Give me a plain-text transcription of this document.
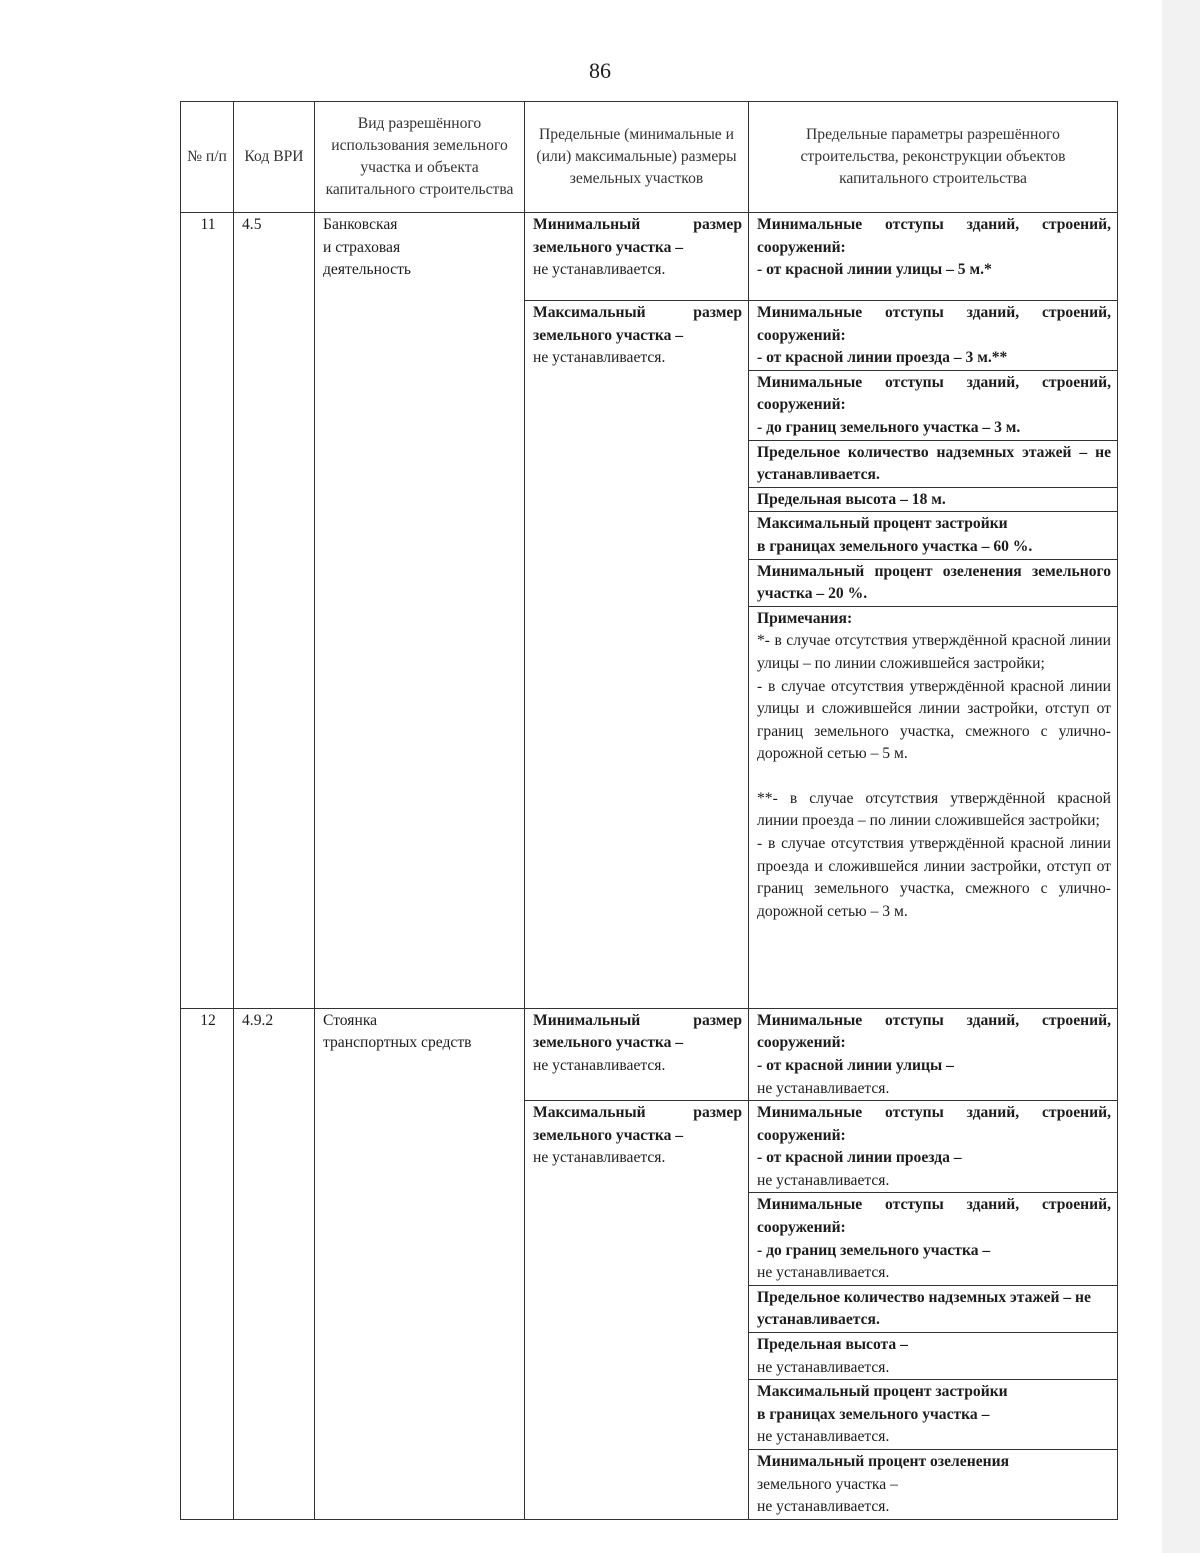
86
№ п/п	Код ВРИ	Вид разрешённого использования земельного участка и объекта капитального строительства	Предельные (минимальные и (или) максимальные) размеры земельных участков	Предельные параметры разрешённого строительства, реконструкции объектов капитального строительства
11	4.5	Банковская
и страховая
деятельность	Минимальный размер земельного участка –
не устанавливается.	Минимальные отступы зданий, строений, сооружений:
- от красной линии улицы – 5 м.*

			Максимальный размер земельного участка –
не устанавливается.	Минимальные отступы зданий, строений, сооружений:
- от красной линии проезда – 3 м.**

				Минимальные отступы зданий, строений, сооружений:
- до границ земельного участка – 3 м.

				Предельное количество надземных этажей – не устанавливается.
				Предельная высота – 18 м.

				Максимальный процент застройки
в границах земельного участка – 60 %.

				Минимальный процент озеленения земельного участка – 20 %.

				Примечания:
*- в случае отсутствия утверждённой красной линии улицы – по линии сложившейся застройки;
- в случае отсутствия утверждённой красной линии улицы и сложившейся линии застройки, отступ от границ земельного участка, смежного с улично-дорожной сетью – 5 м.
**- в случае отсутствия утверждённой красной линии проезда – по линии сложившейся застройки;
- в случае отсутствия утверждённой красной линии проезда и сложившейся линии застройки, отступ от границ земельного участка, смежного с улично-дорожной сетью – 3 м.

12	4.9.2	Стоянка
транспортных средств	Минимальный размер земельного участка –
не устанавливается.	Минимальные отступы зданий, строений, сооружений:
- от красной линии улицы –
не устанавливается.

			Максимальный размер земельного участка –
не устанавливается.	Минимальные отступы зданий, строений, сооружений:
- от красной линии проезда –
не устанавливается.

				Минимальные отступы зданий, строений, сооружений:
- до границ земельного участка –
не устанавливается.

				Предельное количество надземных этажей – не устанавливается.

				Предельная высота –
не устанавливается.

				Максимальный процент застройки
в границах земельного участка –
не устанавливается.

				Минимальный процент озеленения
земельного участка –
не устанавливается.
